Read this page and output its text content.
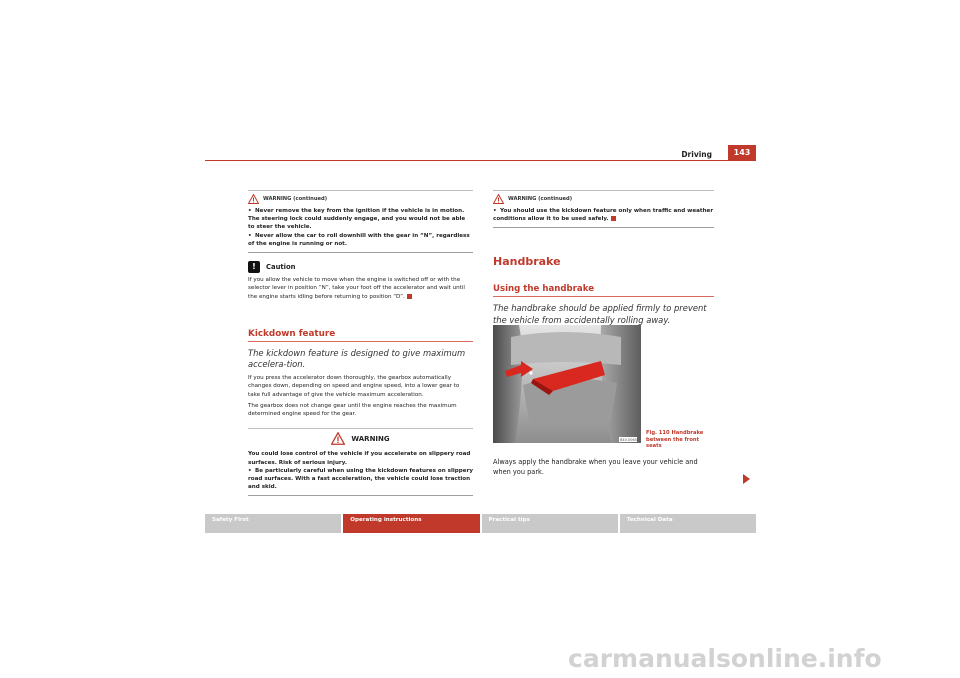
Driving	143
WARNING (continued)
• Never remove the key from the ignition if the vehicle is in motion. The steering lock could suddenly engage, and you would not be able to steer the vehicle.
• Never allow the car to roll downhill with the gear in “N”, regardless of the engine is running or not.
!	Caution
If you allow the vehicle to move when the engine is switched off or with the selector lever in position “N”, take your foot off the accelerator and wait until the engine starts idling before returning to position “D”.
Kickdown feature
The kickdown feature is designed to give maximum accelera-tion.
If you press the accelerator down thoroughly, the gearbox automatically changes down, depending on speed and engine speed, into a lower gear to take full advantage of give the vehicle maximum acceleration.
The gearbox does not change gear until the engine reaches the maximum determined engine speed for the gear.
WARNING
You could lose control of the vehicle if you accelerate on slippery road surfaces. Risk of serious injury.
• Be particularly careful when using the kickdown features on slippery road surfaces. With a fast acceleration, the vehicle could lose traction and skid.
WARNING (continued)
• You should use the kickdown feature only when traffic and weather conditions allow it to be used safely.
Handbrake
Using the handbrake
The handbrake should be applied firmly to prevent the vehicle from accidentally rolling away.
B4V-0065
Fig. 110 Handbrake between the front seats
Always apply the handbrake when you leave your vehicle and when you park.
Safety First	Operating instructions	Practical tips	Technical Data
carmanualsonline.info
